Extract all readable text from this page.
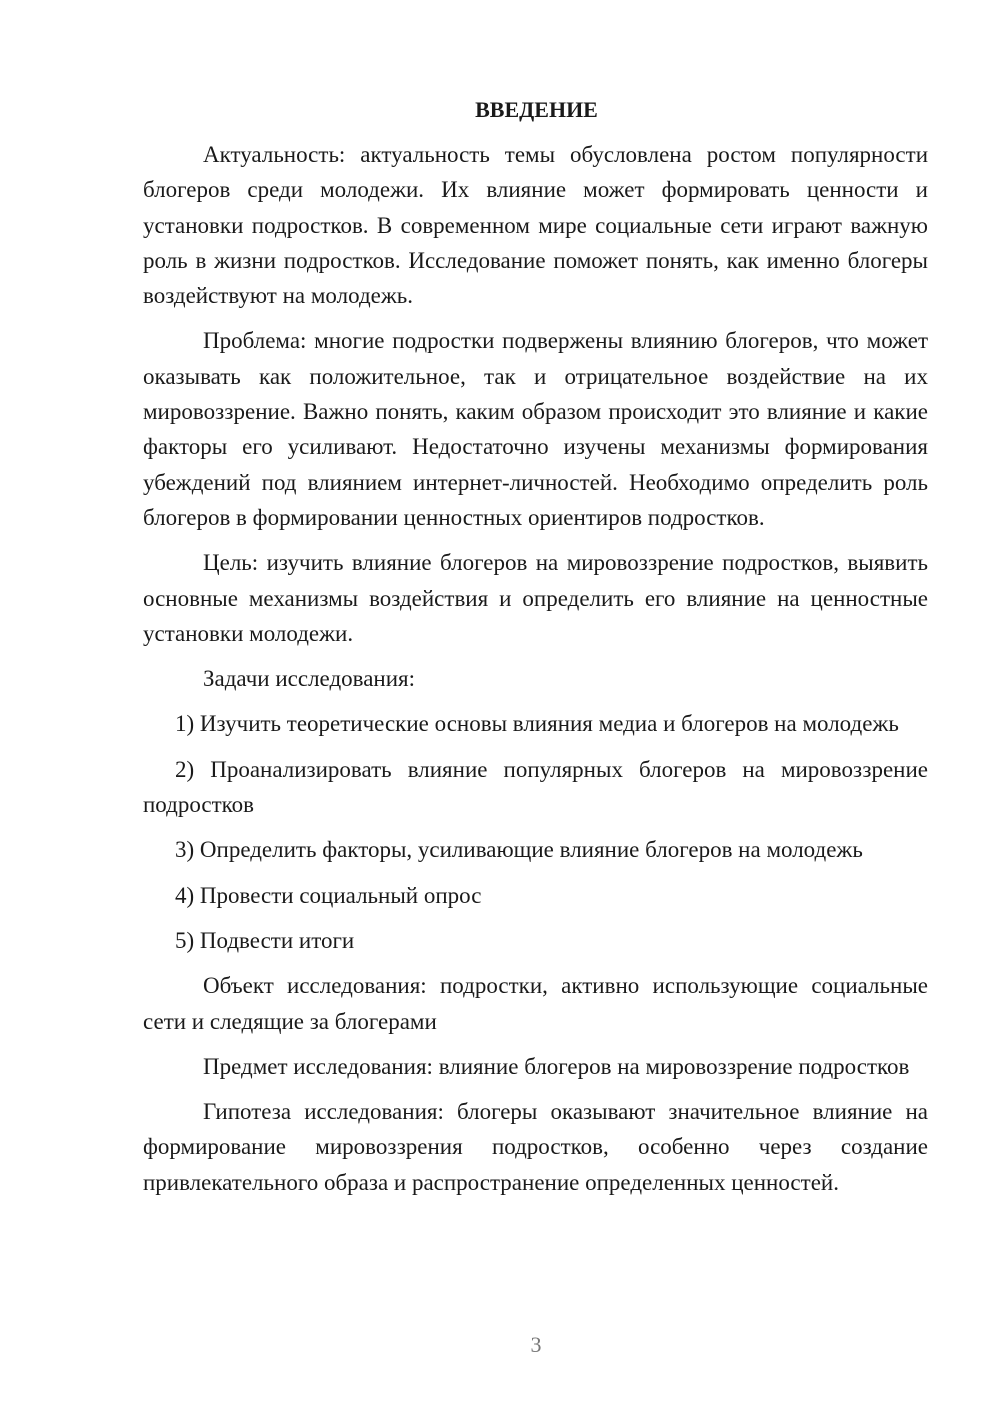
ВВЕДЕНИЕ

Актуальность: актуальность темы обусловлена ростом популярности блогеров среди молодежи. Их влияние может формировать ценности и установки подростков. В современном мире социальные сети играют важную роль в жизни подростков. Исследование поможет понять, как именно блогеры воздействуют на молодежь.

Проблема: многие подростки подвержены влиянию блогеров, что может оказывать как положительное, так и отрицательное воздействие на их мировоззрение. Важно понять, каким образом происходит это влияние и какие факторы его усиливают. Недостаточно изучены механизмы формирования убеждений под влиянием интернет-личностей. Необходимо определить роль блогеров в формировании ценностных ориентиров подростков.

Цель: изучить влияние блогеров на мировоззрение подростков, выявить основные механизмы воздействия и определить его влияние на ценностные установки молодежи.

Задачи исследования:

1) Изучить теоретические основы влияния медиа и блогеров на молодежь

2) Проанализировать влияние популярных блогеров на мировоззрение подростков

3) Определить факторы, усиливающие влияние блогеров на молодежь

4) Провести социальный опрос

5) Подвести итоги

Объект исследования: подростки, активно использующие социальные сети и следящие за блогерами

Предмет исследования: влияние блогеров на мировоззрение подростков

Гипотеза исследования: блогеры оказывают значительное влияние на формирование мировоззрения подростков, особенно через создание привлекательного образа и распространение определенных ценностей.

3
